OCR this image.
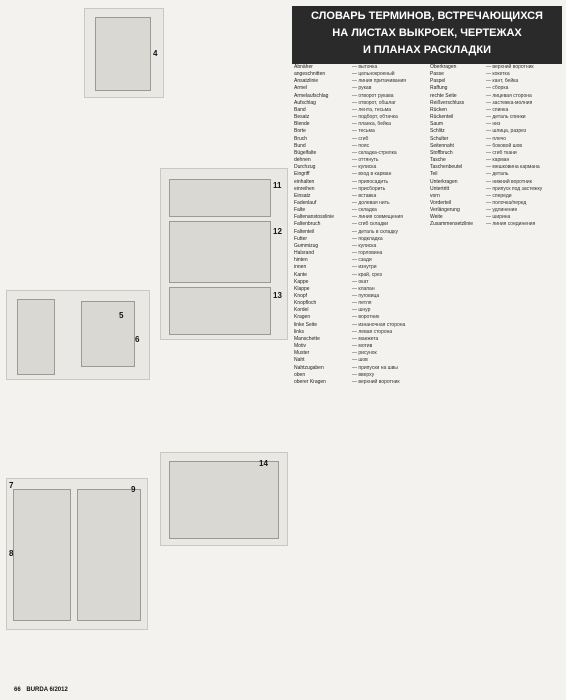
4
5
6
11
12
13
7
8
9
14
СЛОВАРЬ ТЕРМИНОВ, ВСТРЕЧАЮЩИХСЯ
НА ЛИСТАХ ВЫКРОЕК, ЧЕРТЕЖАХ
И ПЛАНАХ РАСКЛАДКИ
Abnäher	— вытачка
angeschnitten	— цельнокроеный
Ansatzlinie	— линия притачивания
Ärmel	— рукав
Ärmelaufschlag	— отворот рукава
Aufschlag	— отворот, обшлаг
Band	— лента, тесьма
Besatz	— подборт, обтачка
Blende	— планка, бейка
Borte	— тесьма
Bruch	— сгиб
Bund	— пояс
Bügelfalte	— складка-стрелка
dehnen	— оттянуть
Durchzug	— кулиска
Eingriff	— вход в карман
einhalten	— припосадить
einreihen	— присборить
Einsatz	— вставка
Fadenlauf	— долевая нить
Falte	— складка
Faltenanstosslinie	— линия совмещения
Faltenbruch	— сгиб складки
Faltenteil	— деталь в складку
Futter	— подкладка
Gummizug	— кулиска
Halsrand	— горловина
hinten	— сзади
innen	— изнутри
Kante	— край, срез
Kappe	— окат
Klappe	— клапан
Knopf	— пуговица
Knopfloch	— петля
Kordel	— шнур
Kragen	— воротник
linke Seite	— изнаночная сторона
links	— левая сторона
Manschette	— манжета
Motiv	— мотив
Muster	— рисунок
Naht	— шов
Nahtzugaben	— припуски на швы
oben	— вверху
oberer Kragen	— верхний воротник
Oberkragen	— верхний воротник
Passe	— кокетка
Paspel	— кант, бейка
Raffung	— сборка
rechte Seite	— лицевая сторона
Reißverschluss	— застежка-молния
Rücken	— спинка
Rückenteil	— деталь спинки
Saum	— низ
Schlitz	— шлица, разрез
Schulter	— плечо
Seitennaht	— боковой шов
Stoffbruch	— сгиб ткани
Tasche	— карман
Taschenbeutel	— мешковина кармана
Teil	— деталь
Unterkragen	— нижний воротник
Untertritt	— припуск под застежку
vorn	— спереди
Vorderteil	— полочка/перед
Verlängerung	— удлинение
Weite	— ширина
Zusammensetzlinie	— линия соединения
66 BURDA 6/2012
